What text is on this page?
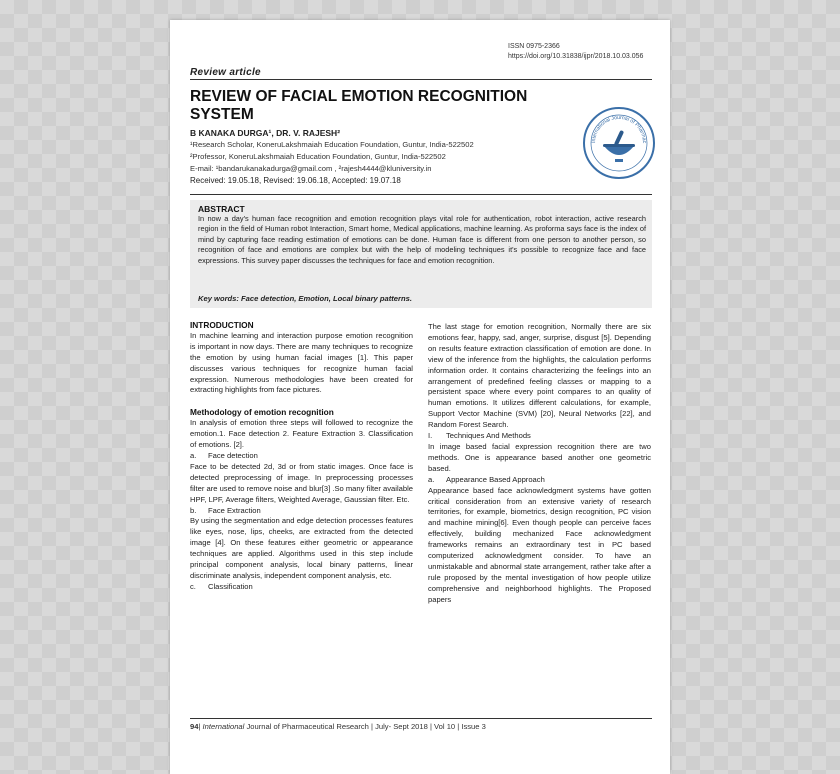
ISSN 0975-2366
https://doi.org/10.31838/ijpr/2018.10.03.056
Review article
REVIEW OF FACIAL EMOTION RECOGNITION SYSTEM
B KANAKA DURGA¹, DR. V. RAJESH²
¹Research Scholar, KoneruLakshmaiah Education Foundation, Guntur, India-522502
²Professor, KoneruLakshmaiah Education Foundation, Guntur, India-522502
E-mail: ¹bandarukanakadurga@gmail.com , ²rajesh4444@kluniversity.in
Received: 19.05.18, Revised: 19.06.18, Accepted: 19.07.18
International Journal of Pharmac
ABSTRACT
In now a day's human face recognition and emotion recognition plays vital role for authentication, robot interaction, active research region in the field of Human robot Interaction, Smart home, Medical applications, machine learning. As proforma says face is the index of mind by capturing face reading estimation of emotions can be done. Human face is different from one person to another person, so recognition of face and emotions are complex but with the help of modeling techniques it's possible to recognize face and face expressions. This survey paper discusses the techniques for face and emotion recognition.
Key words: Face detection, Emotion, Local binary patterns.

INTRODUCTION

In machine learning and interaction purpose emotion recognition is important in now days. There are many techniques to recognize the emotion by using human facial images [1]. This paper discusses various techniques for recognize human facial expression. Numerous methodologies have been created for extracting highlights from face pictures.

Methodology of emotion recognition

In analysis of emotion three steps will followed to recognize the emotion.1. Face detection 2. Feature Extraction 3. Classification of emotions. [2].

a. Face detection

Face to be detected 2d, 3d or from static images. Once face is detected preprocessing of image. In preprocessing processes filter are used to remove noise and blur[3] .So many filter available HPF, LPF, Average filters, Weighted Average, Gaussian filter. Etc.

b. Face Extraction

By using the segmentation and edge detection processes features like eyes, nose, lips, cheeks, are extracted from the detected image [4]. On these features either geometric or appearance techniques are applied. Algorithms used in this step include principal component analysis, local binary patterns, linear discriminate analysis, independent component analysis, etc.

c. Classification

The last stage for emotion recognition, Normally there are six emotions fear, happy, sad, anger, surprise, disgust [5]. Depending on results feature extraction classification of emotion are done. In view of the inference from the highlights, the calculation performs information order. It contains characterizing the feelings into an arrangement of predefined feeling classes or mapping to a persistent space where every point compares to an quality of human emotions. It utilizes different calculations, for example, Support Vector Machine (SVM) [20], Neural Networks [22], and Random Forest Search.

I. Techniques And Methods

In image based facial expression recognition there are two methods. One is appearance based another one geometric based.

a. Appearance Based Approach

Appearance based face acknowledgment systems have gotten critical consideration from an extensive variety of research territories, for example, biometrics, design recognition, PC vision and machine mining[6]. Even though people can perceive faces effectively, building mechanized Face acknowledgment frameworks remains an extraordinary test in PC based computerized acknowledgment consider. To have an unmistakable and abnormal state arrangement, rather take after a rule proposed by the mental investigation of how people utilize comprehensive and neighborhood highlights. The Proposed papers

94| International Journal of Pharmaceutical Research | July- Sept 2018 | Vol 10 | Issue 3
